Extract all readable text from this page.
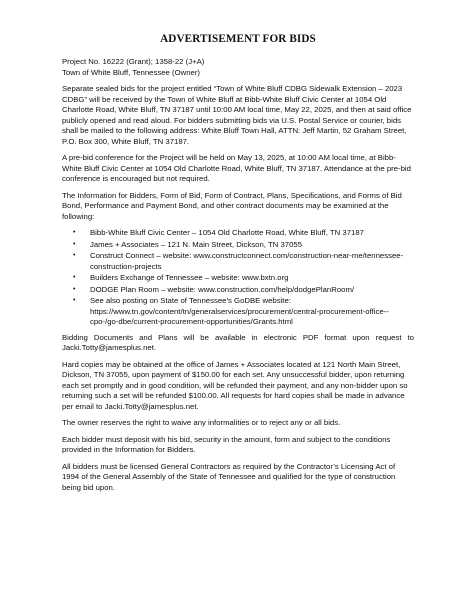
ADVERTISEMENT FOR BIDS

Project No. 16222 (Grant); 1358-22 (J+A)

Town of White Bluff, Tennessee (Owner)

Separate sealed bids for the project entitled “Town of White Bluff CDBG Sidewalk Extension – 2023 CDBG” will be received by the Town of White Bluff at Bibb-White Bluff Civic Center at 1054 Old Charlotte Road, White Bluff, TN 37187 until 10:00 AM local time, May 22, 2025, and then at said office publicly opened and read aloud. For bidders submitting bids via U.S. Postal Service or courier, bids shall be mailed to the following address: White Bluff Town Hall, ATTN: Jeff Martin, 52 Graham Street, P.O. Box 300, White Bluff, TN 37187.

A pre-bid conference for the Project will be held on May 13, 2025, at 10:00 AM local time, at Bibb-White Bluff Civic Center at 1054 Old Charlotte Road, White Bluff, TN 37187. Attendance at the pre-bid conference is encouraged but not required.

The Information for Bidders, Form of Bid, Form of Contract, Plans, Specifications, and Forms of Bid Bond, Performance and Payment Bond, and other contract documents may be examined at the following:

• Bibb-White Bluff Civic Center – 1054 Old Charlotte Road, White Bluff, TN 37187
• James + Associates – 121 N. Main Street, Dickson, TN 37055
• Construct Connect – website: www.constructconnect.com/construction-near-me/tennessee-construction-projects
• Builders Exchange of Tennessee – website: www.bxtn.org
• DODGE Plan Room – website: www.construction.com/help/dodgePlanRoom/
• See also posting on State of Tennessee’s GoDBE website: https://www.tn.gov/content/tn/generalservices/procurement/central-procurement-office--cpo-/go-dbe/current-procurement-opportunities/Grants.html

Bidding Documents and Plans will be available in electronic PDF format upon request to Jacki.Totty@jamesplus.net.

Hard copies may be obtained at the office of James + Associates located at 121 North Main Street, Dickson, TN 37055, upon payment of $150.00 for each set. Any unsuccessful bidder, upon returning each set promptly and in good condition, will be refunded their payment, and any non-bidder upon so returning such a set will be refunded $100.00. All requests for hard copies shall be made in advance per email to Jacki.Totty@jamesplus.net.

The owner reserves the right to waive any informalities or to reject any or all bids.

Each bidder must deposit with his bid, security in the amount, form and subject to the conditions provided in the Information for Bidders.

All bidders must be licensed General Contractors as required by the Contractor’s Licensing Act of 1994 of the General Assembly of the State of Tennessee and qualified for the type of construction being bid upon.
